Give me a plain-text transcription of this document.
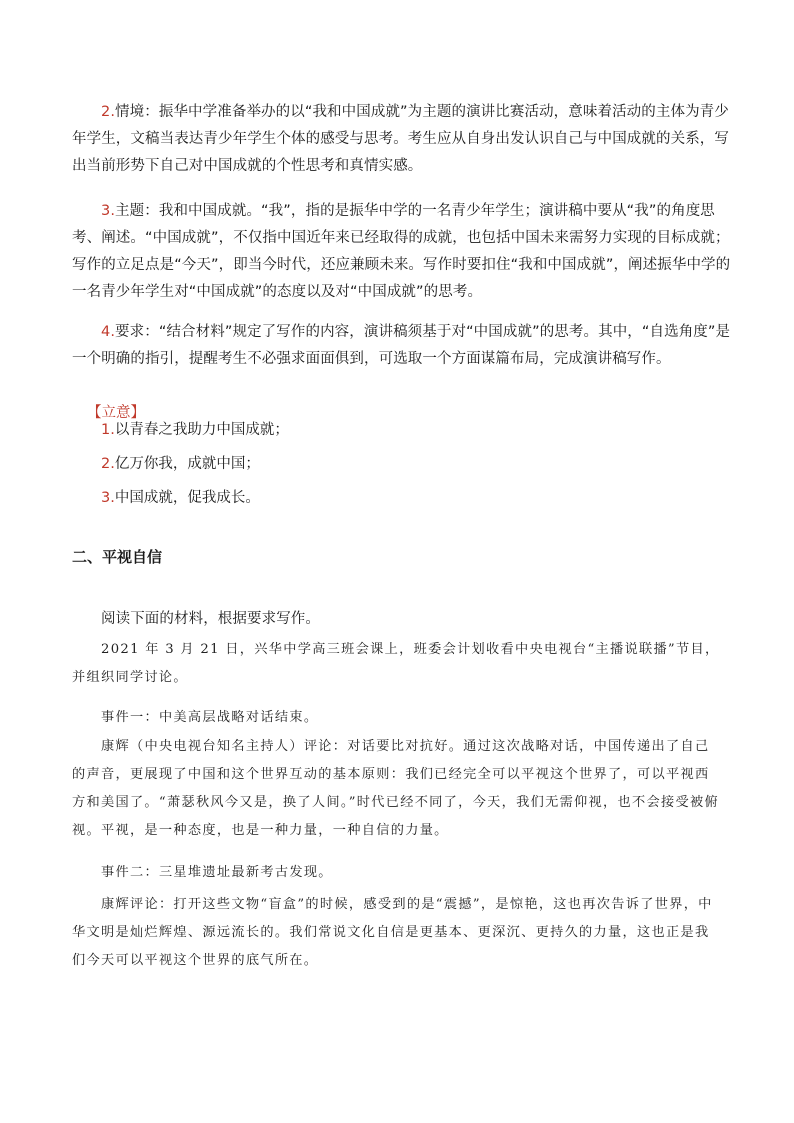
2.情境：振华中学准备举办的以“我和中国成就”为主题的演讲比赛活动，意味着活动的主体为青少年学生，文稿当表达青少年学生个体的感受与思考。考生应从自身出发认识自己与中国成就的关系，写出当前形势下自己对中国成就的个性思考和真情实感。

3.主题：我和中国成就。“我”，指的是振华中学的一名青少年学生；演讲稿中要从“我”的角度思考、阐述。“中国成就”，不仅指中国近年来已经取得的成就，也包括中国未来需努力实现的目标成就；写作的立足点是“今天”，即当今时代，还应兼顾未来。写作时要扣住“我和中国成就”，阐述振华中学的一名青少年学生对“中国成就”的态度以及对“中国成就”的思考。

4.要求：“结合材料”规定了写作的内容，演讲稿须基于对“中国成就”的思考。其中，“自选角度”是一个明确的指引，提醒考生不必强求面面俱到，可选取一个方面谋篇布局，完成演讲稿写作。

【立意】

1.以青春之我助力中国成就；

2.亿万你我，成就中国；

3.中国成就，促我成长。

二、平视自信

阅读下面的材料，根据要求写作。

2021 年 3 月 21 日，兴华中学高三班会课上，班委会计划收看中央电视台“主播说联播”节目，并组织同学讨论。
事件一：中美高层战略对话结束。
康辉（中央电视台知名主持人）评论：对话要比对抗好。通过这次战略对话，中国传递出了自己的声音，更展现了中国和这个世界互动的基本原则：我们已经完全可以平视这个世界了，可以平视西方和美国了。“萧瑟秋风今又是，换了人间。”时代已经不同了，今天，我们无需仰视，也不会接受被俯视。平视，是一种态度，也是一种力量，一种自信的力量。
事件二：三星堆遗址最新考古发现。
康辉评论：打开这些文物“盲盒”的时候，感受到的是“震撼”，是惊艳，这也再次告诉了世界，中华文明是灿烂辉煌、源远流长的。我们常说文化自信是更基本、更深沉、更持久的力量，这也正是我们今天可以平视这个世界的底气所在。
